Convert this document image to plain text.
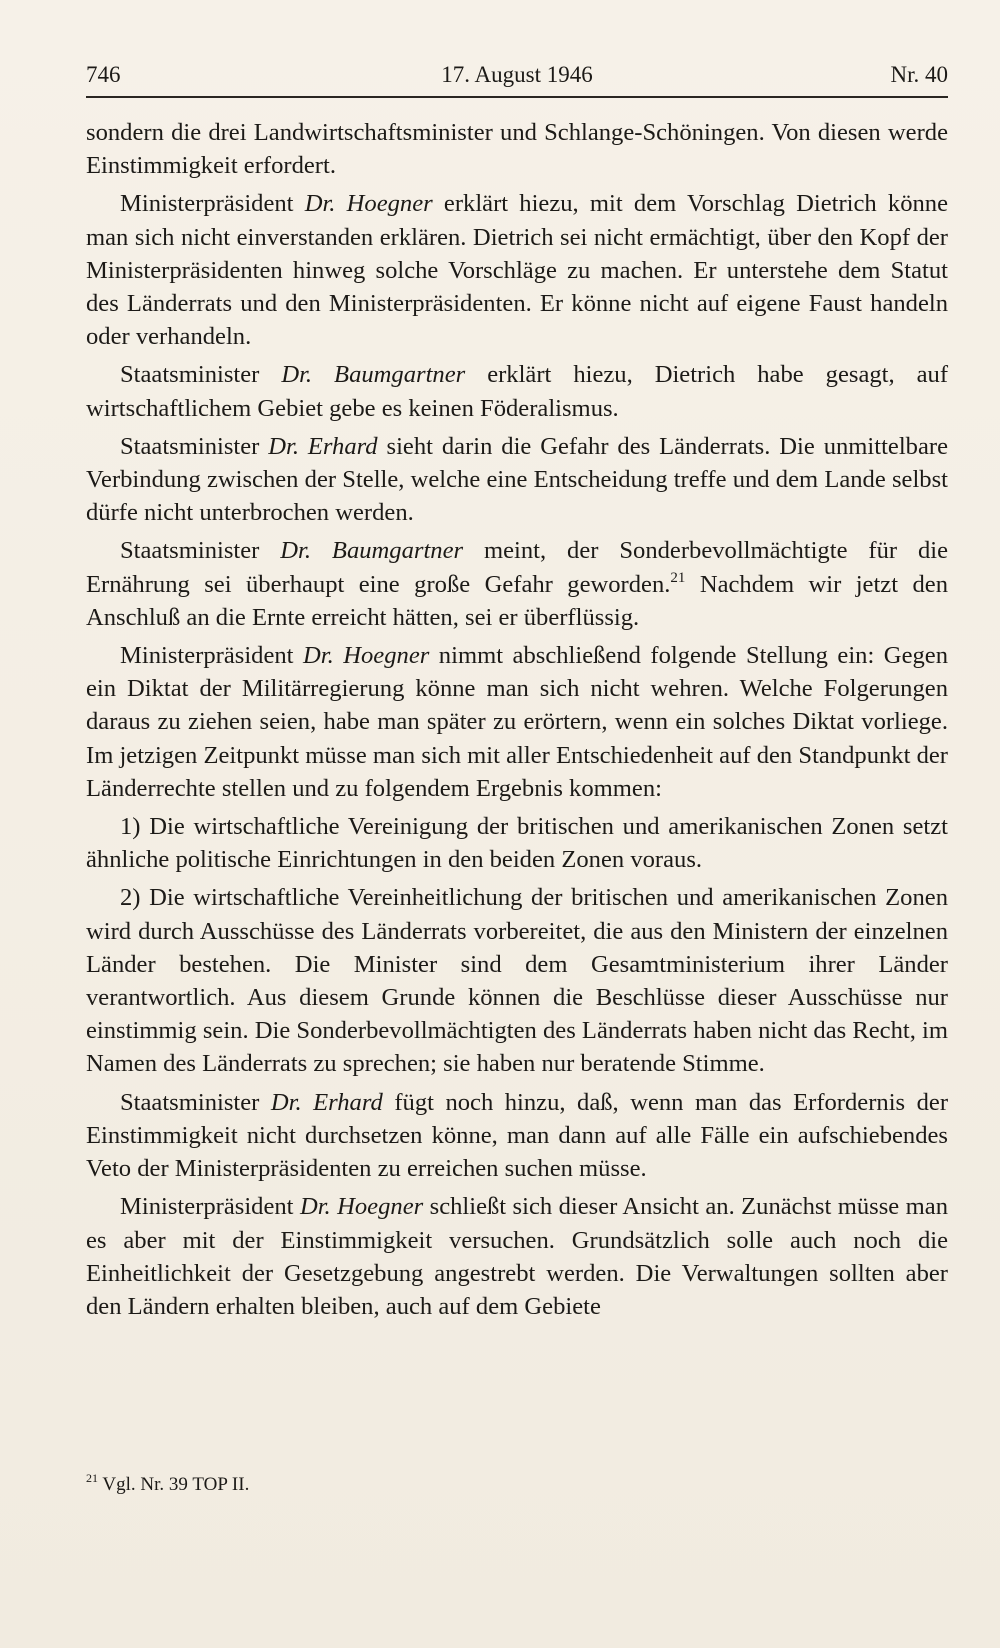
746	17. August 1946	Nr. 40

sondern die drei Landwirtschaftsminister und Schlange-Schöningen. Von diesen werde Einstimmigkeit erfordert.

Ministerpräsident Dr. Hoegner erklärt hiezu, mit dem Vorschlag Dietrich könne man sich nicht einverstanden erklären. Dietrich sei nicht ermächtigt, über den Kopf der Ministerpräsidenten hinweg solche Vorschläge zu machen. Er unterstehe dem Statut des Länderrats und den Ministerpräsidenten. Er könne nicht auf eigene Faust handeln oder verhandeln.

Staatsminister Dr. Baumgartner erklärt hiezu, Dietrich habe gesagt, auf wirtschaftlichem Gebiet gebe es keinen Föderalismus.

Staatsminister Dr. Erhard sieht darin die Gefahr des Länderrats. Die unmittelbare Verbindung zwischen der Stelle, welche eine Entscheidung treffe und dem Lande selbst dürfe nicht unterbrochen werden.

Staatsminister Dr. Baumgartner meint, der Sonderbevollmächtigte für die Ernährung sei überhaupt eine große Gefahr geworden.$^{21}$ Nachdem wir jetzt den Anschluß an die Ernte erreicht hätten, sei er überflüssig.

Ministerpräsident Dr. Hoegner nimmt abschließend folgende Stellung ein: Gegen ein Diktat der Militärregierung könne man sich nicht wehren. Welche Folgerungen daraus zu ziehen seien, habe man später zu erörtern, wenn ein solches Diktat vorliege. Im jetzigen Zeitpunkt müsse man sich mit aller Entschiedenheit auf den Standpunkt der Länderrechte stellen und zu folgendem Ergebnis kommen:

1) Die wirtschaftliche Vereinigung der britischen und amerikanischen Zonen setzt ähnliche politische Einrichtungen in den beiden Zonen voraus.

2) Die wirtschaftliche Vereinheitlichung der britischen und amerikanischen Zonen wird durch Ausschüsse des Länderrats vorbereitet, die aus den Ministern der einzelnen Länder bestehen. Die Minister sind dem Gesamtministerium ihrer Länder verantwortlich. Aus diesem Grunde können die Beschlüsse dieser Ausschüsse nur einstimmig sein. Die Sonderbevollmächtigten des Länderrats haben nicht das Recht, im Namen des Länderrats zu sprechen; sie haben nur beratende Stimme.

Staatsminister Dr. Erhard fügt noch hinzu, daß, wenn man das Erfordernis der Einstimmigkeit nicht durchsetzen könne, man dann auf alle Fälle ein aufschiebendes Veto der Ministerpräsidenten zu erreichen suchen müsse.

Ministerpräsident Dr. Hoegner schließt sich dieser Ansicht an. Zunächst müsse man es aber mit der Einstimmigkeit versuchen. Grundsätzlich solle auch noch die Einheitlichkeit der Gesetzgebung angestrebt werden. Die Verwaltungen sollten aber den Ländern erhalten bleiben, auch auf dem Gebiete

$^{21}$ Vgl. Nr. 39 TOP II.
